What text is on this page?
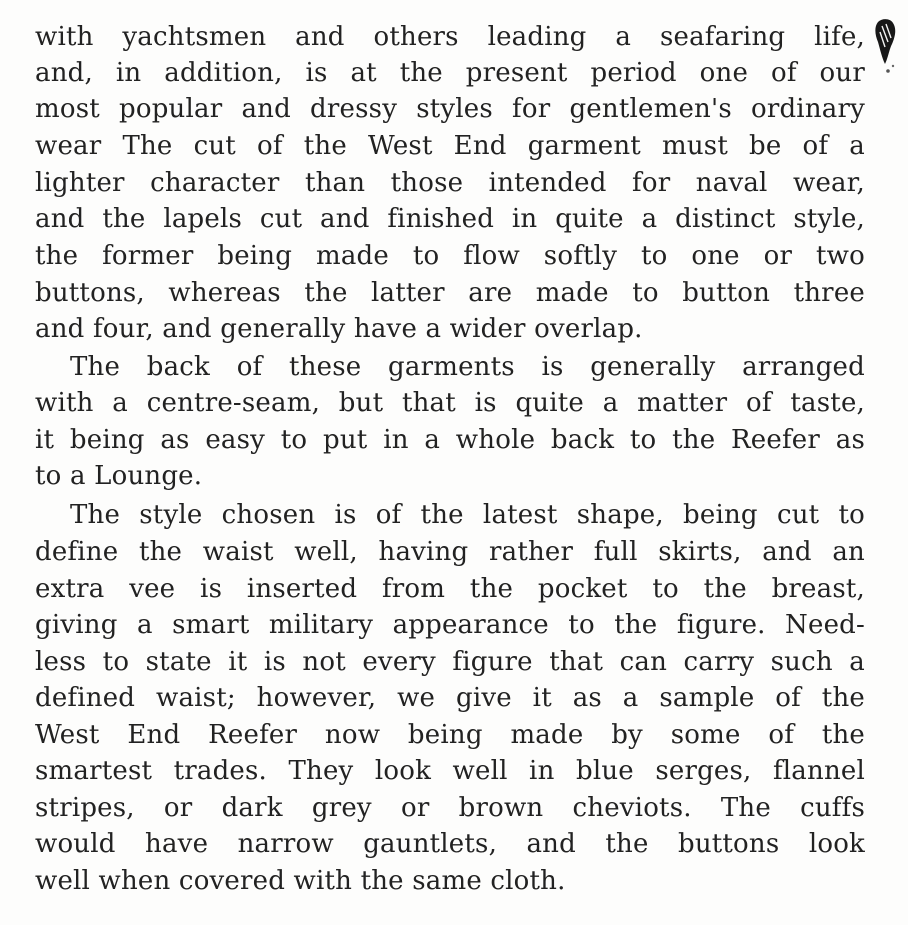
with yachtsmen and others leading a seafaring life,
and, in addition, is at the present period one of our
most popular and dressy styles for gentlemen's ordinary
wear The cut of the West End garment must be of a
lighter character than those intended for naval wear,
and the lapels cut and finished in quite a distinct style,
the former being made to flow softly to one or two
buttons, whereas the latter are made to button three
and four, and generally have a wider overlap.
The back of these garments is generally arranged
with a centre-seam, but that is quite a matter of taste,
it being as easy to put in a whole back to the Reefer as
to a Lounge.
The style chosen is of the latest shape, being cut to
define the waist well, having rather full skirts, and an
extra vee is inserted from the pocket to the breast,
giving a smart military appearance to the figure. Need-
less to state it is not every figure that can carry such a
defined waist; however, we give it as a sample of the
West End Reefer now being made by some of the
smartest trades. They look well in blue serges, flannel
stripes, or dark grey or brown cheviots. The cuffs
would have narrow gauntlets, and the buttons look
well when covered with the same cloth.
